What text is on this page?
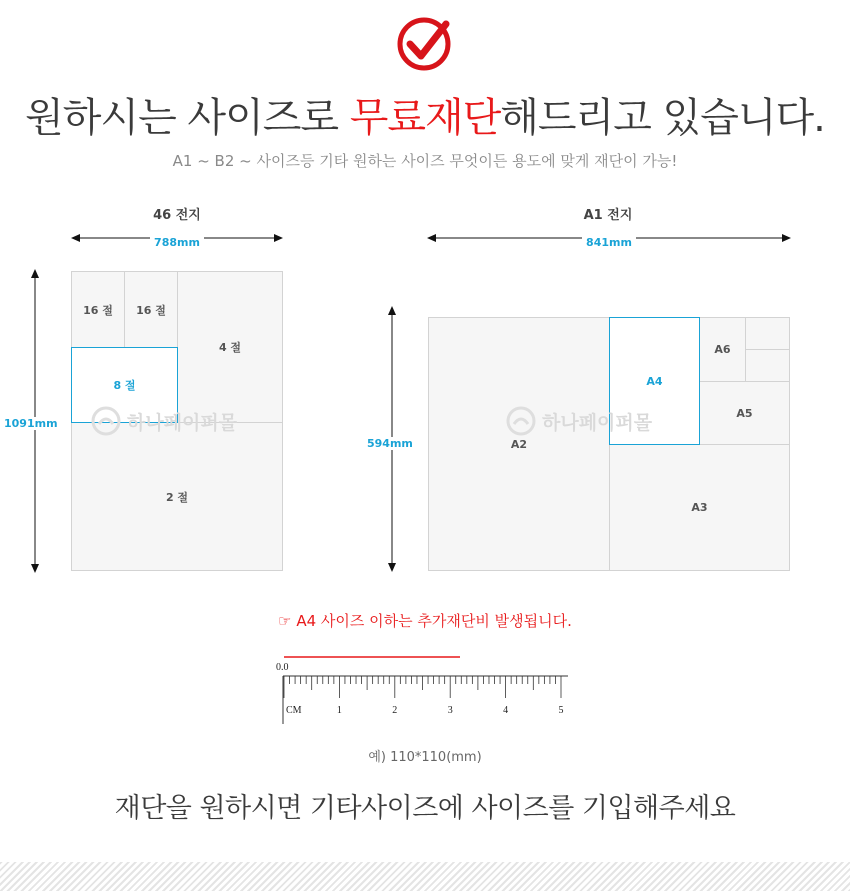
원하시는 사이즈로 무료재단해드리고 있습니다.
A1 ~ B2 ~ 사이즈등 기타 원하는 사이즈 무엇이든 용도에 맞게 재단이 가능!
46 전지
788mm
1091mm
16 절	16 절
4 절
8 절
2 절
하나페이퍼몰
A1 전지
841mm
594mm	A2
A3
A4
A5
A6
하나페이퍼몰
☞ A4 사이즈 이하는 추가재단비 발생됩니다.
0.0
CM	1	2	3	4	5
예) 110*110(mm)
재단을 원하시면 기타사이즈에 사이즈를 기입해주세요
